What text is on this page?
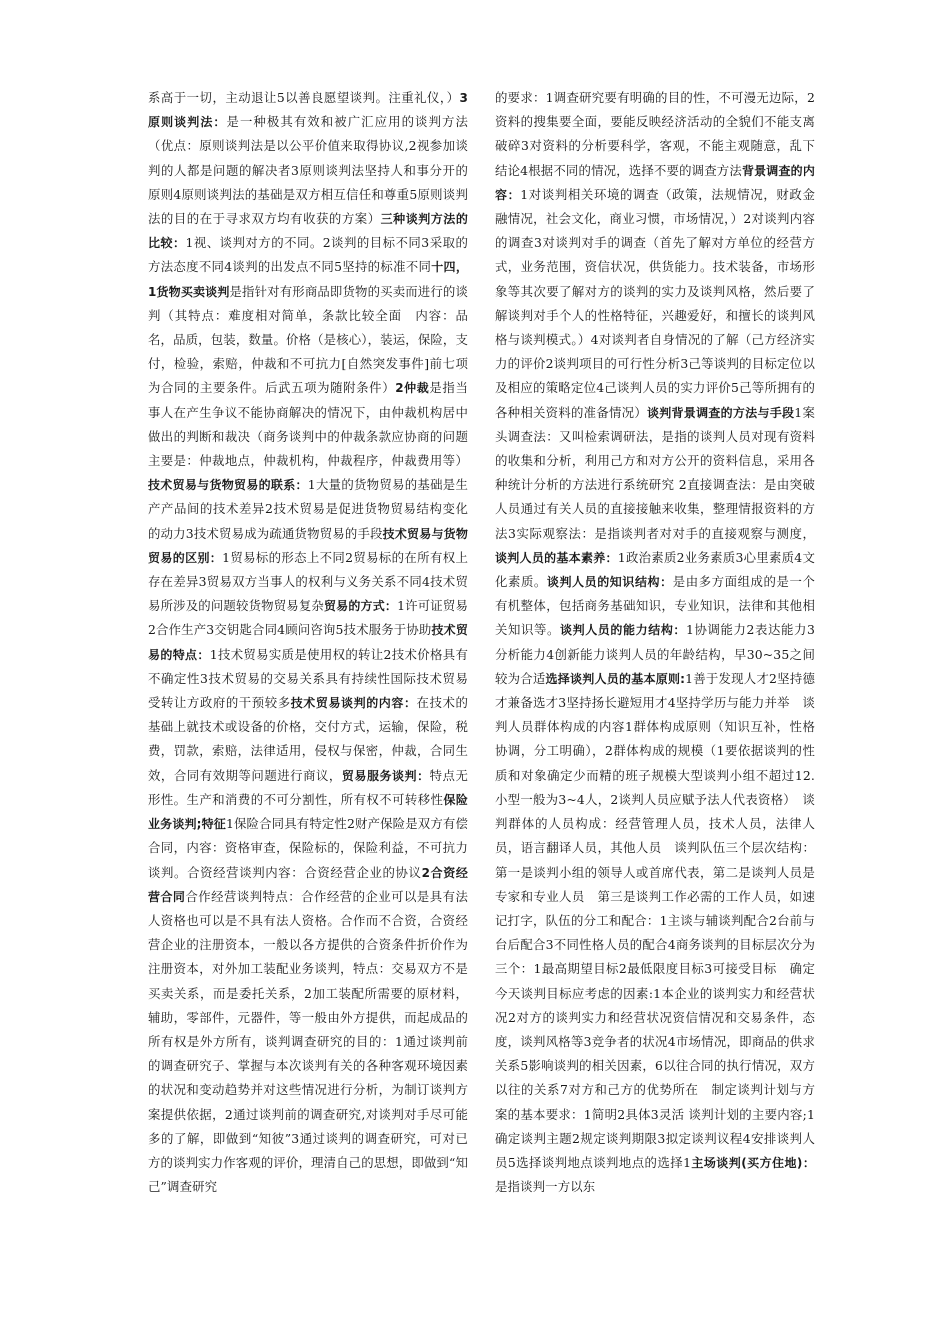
系高于一切，主动退让5以善良愿望谈判。注重礼仪，）3原则谈判法：是一种极其有效和被广汇应用的谈判方法（优点：原则谈判法是以公平价值来取得协议,2视参加谈判的人都是问题的解决者3原则谈判法坚持人和事分开的原则4原则谈判法的基础是双方相互信任和尊重5原则谈判法的目的在于寻求双方均有收获的方案）三种谈判方法的比较：1视、谈判对方的不同。2谈判的目标不同3采取的方法态度不同4谈判的出发点不同5坚持的标准不同十四，1货物买卖谈判是指针对有形商品即货物的买卖而进行的谈判（其特点：难度相对简单，条款比较全面　内容：品名，品质，包装，数量。价格（是核心），装运，保险，支付，检验，索赔，仲裁和不可抗力[自然突发事件]前七项为合同的主要条件。后武五项为随附条件）2仲裁是指当事人在产生争议不能协商解决的情况下，由仲裁机构居中做出的判断和裁决（商务谈判中的仲裁条款应协商的问题主要是：仲裁地点，仲裁机构，仲裁程序，仲裁费用等）技术贸易与货物贸易的联系：1大量的货物贸易的基础是生产产品间的技术差异2技术贸易是促进货物贸易结构变化的动力3技术贸易成为疏通货物贸易的手段技术贸易与货物贸易的区别：1贸易标的形态上不同2贸易标的在所有权上存在差异3贸易双方当事人的权利与义务关系不同4技术贸易所涉及的问题较货物贸易复杂贸易的方式：1许可证贸易2合作生产3交钥匙合同4顾问咨询5技术服务于协助技术贸易的特点：1技术贸易实质是使用权的转让2技术价格具有不确定性3技术贸易的交易关系具有持续性国际技术贸易受转让方政府的干预较多技术贸易谈判的内容：在技术的基础上就技术或设备的价格，交付方式，运输，保险，税费，罚款，索赔，法律适用，侵权与保密，仲裁，合同生效，合同有效期等问题进行商议，贸易服务谈判：特点无形性。生产和消费的不可分割性，所有权不可转移性保险业务谈判;特征1保险合同具有特定性2财产保险是双方有偿合同，内容：资格审查，保险标的，保险利益，不可抗力谈判。合资经营谈判内容：合资经营企业的协议2合资经营合同合作经营谈判特点：合作经营的企业可以是具有法人资格也可以是不具有法人资格。合作而不合资，合资经营企业的注册资本，一般以各方提供的合资条件折价作为注册资本，对外加工装配业务谈判，特点：交易双方不是买卖关系，而是委托关系，2加工装配所需要的原材料，辅助，零部件，元器件，等一般由外方提供，而起成品的所有权是外方所有，谈判调查研究的目的：1通过谈判前的调查研究子、掌握与本次谈判有关的各种客观环境因素的状况和变动趋势并对这些情况进行分析，为制订谈判方案提供依据，2通过谈判前的调查研究,对谈判对手尽可能多的了解，即做到“知彼”3通过谈判的调查研究，可对已方的谈判实力作客观的评价，理清自己的思想，即做到“知己”调查研究
的要求：1调查研究要有明确的目的性，不可漫无边际，2资料的搜集要全面，要能反映经济活动的全貌们不能支离破碎3对资料的分析要科学，客观，不能主观随意，乱下结论4根据不同的情况，选择不要的调查方法背景调查的内容：1对谈判相关环境的调查（政策，法规情况，财政金融情况，社会文化，商业习惯，市场情况，）2对谈判内容的调查3对谈判对手的调查（首先了解对方单位的经营方式，业务范围，资信状况，供货能力。技术装备，市场形象等其次要了解对方的谈判的实力及谈判风格，然后要了解谈判对手个人的性格特征，兴趣爱好，和擅长的谈判风格与谈判模式。）4对谈判者自身情况的了解（己方经济实力的评价2谈判项目的可行性分析3己等谈判的目标定位以及相应的策略定位4己谈判人员的实力评价5己等所拥有的各种相关资料的准备情况）谈判背景调查的方法与手段1案头调查法：又叫检索调研法，是指的谈判人员对现有资料的收集和分析，利用己方和对方公开的资料信息，采用各种统计分析的方法进行系统研究 2直接调查法：是由突破人员通过有关人员的直接接触来收集，整理情报资料的方法3实际观察法：是指谈判者对对手的直接观察与测度，谈判人员的基本素养：1政治素质2业务素质3心里素质4文化素质。谈判人员的知识结构：是由多方面组成的是一个有机整体，包括商务基础知识，专业知识，法律和其他相关知识等。谈判人员的能力结构：1协调能力2表达能力3分析能力4创新能力谈判人员的年龄结构，早30~35之间较为合适选择谈判人员的基本原则:1善于发现人才2坚持德才兼备选才3坚持扬长避短用才4坚持学历与能力并举　谈判人员群体构成的内容1群体构成原则（知识互补，性格协调，分工明确），2群体构成的规模（1要依据谈判的性质和对象确定少而精的班子规模大型谈判小组不超过12.小型一般为3~4人，2谈判人员应赋予法人代表资格）　谈判群体的人员构成：经营管理人员，技术人员，法律人员，语言翻译人员，其他人员　谈判队伍三个层次结构：第一是谈判小组的领导人或首席代表，第二是谈判人员是专家和专业人员　第三是谈判工作必需的工作人员，如速记打字，队伍的分工和配合：1主谈与辅谈判配合2台前与台后配合3不同性格人员的配合4商务谈判的目标层次分为三个：1最高期望目标2最低限度目标3可接受目标　确定今天谈判目标应考虑的因素:1本企业的谈判实力和经营状况2对方的谈判实力和经营状况资信情况和交易条件，态度，谈判风格等3竞争者的状况4市场情况，即商品的供求关系5影响谈判的相关因素，6以往合同的执行情况，双方以往的关系7对方和己方的优势所在　制定谈判计划与方案的基本要求：1简明2具体3灵活 谈判计划的主要内容;1确定谈判主题2规定谈判期限3拟定谈判议程4安排谈判人员5选择谈判地点谈判地点的选择1主场谈判(买方住地)：是指谈判一方以东
